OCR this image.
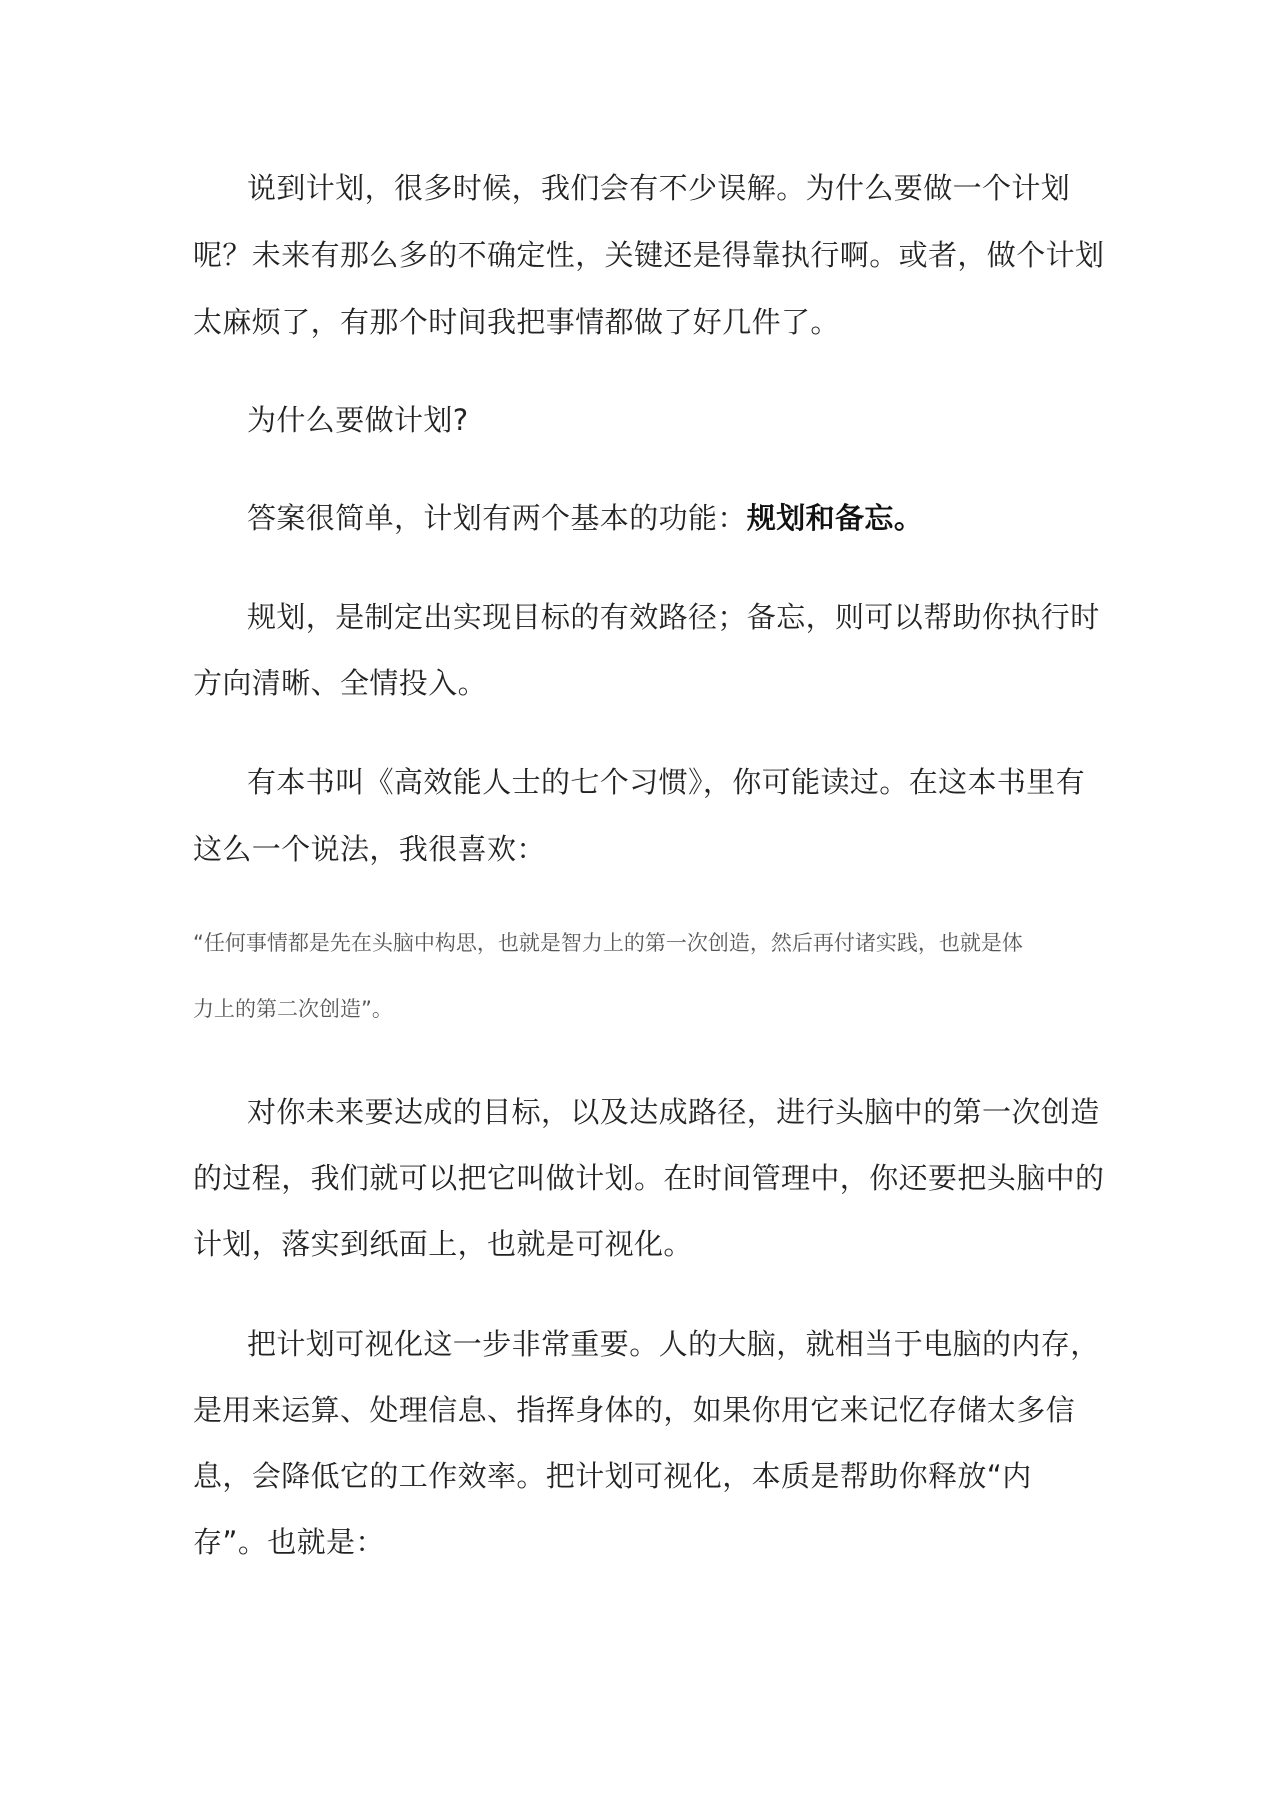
说到计划，很多时候，我们会有不少误解。为什么要做一个计划
呢？未来有那么多的不确定性，关键还是得靠执行啊。或者，做个计划
太麻烦了，有那个时间我把事情都做了好几件了。
为什么要做计划?
答案很简单，计划有两个基本的功能：规划和备忘。
规划，是制定出实现目标的有效路径；备忘，则可以帮助你执行时
方向清晰、全情投入。
有本书叫《高效能人士的七个习惯》，你可能读过。在这本书里有
这么一个说法，我很喜欢：
“任何事情都是先在头脑中构思，也就是智力上的第一次创造，然后再付诸实践，也就是体
力上的第二次创造”。
对你未来要达成的目标，以及达成路径，进行头脑中的第一次创造
的过程，我们就可以把它叫做计划。在时间管理中，你还要把头脑中的
计划，落实到纸面上，也就是可视化。
把计划可视化这一步非常重要。人的大脑，就相当于电脑的内存，
是用来运算、处理信息、指挥身体的，如果你用它来记忆存储太多信
息，会降低它的工作效率。把计划可视化，本质是帮助你释放“内
存”。也就是：
